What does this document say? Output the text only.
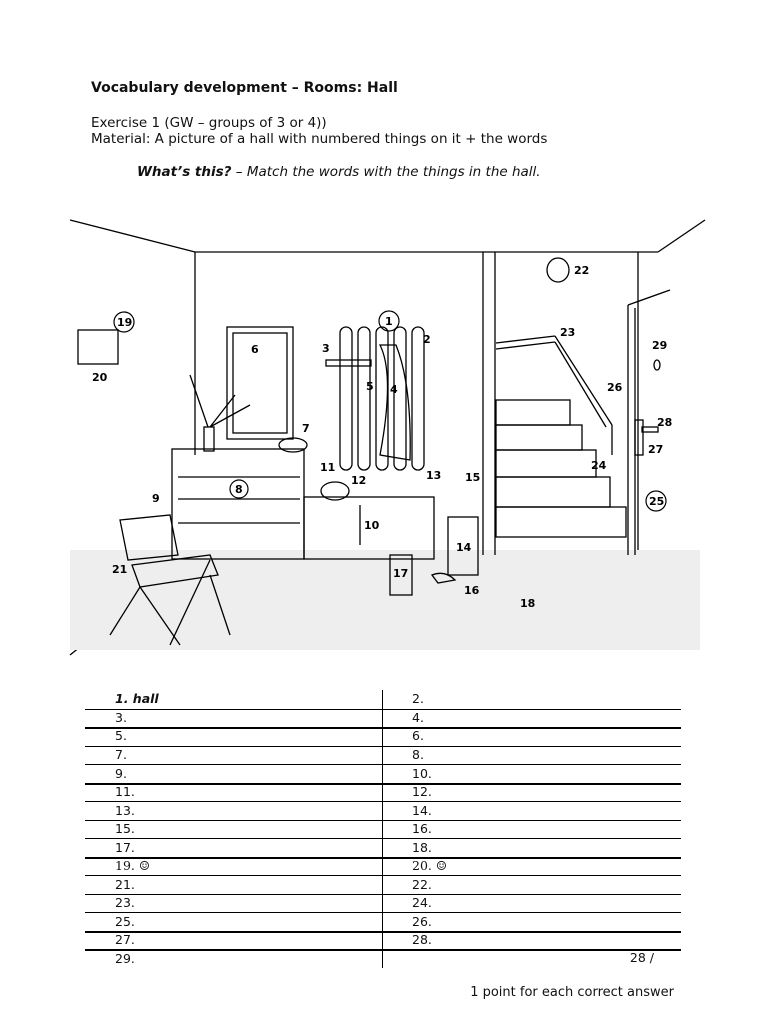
Vocabulary development – Rooms: Hall
Exercise 1 (GW – groups of 3 or 4))
Material: A picture of a hall with numbered things on it + the words
What’s this? – Match the words with the things in the hall.
1
2
3
4
5
6
7
8
9
10
11
12	13
14
15
16
17
18
19
20
21
22
23
24
25
26
27
28
29
1. hall	2.
3.	4.
5.	6.
7.	8.
9.	10.
11.	12.
13.	14.
15.	16.
17.	18.
19. ☺	20. ☺
21.	22.
23.	24.
25.	26.
27.	28.
29.	28 /
1 point for each correct answer
